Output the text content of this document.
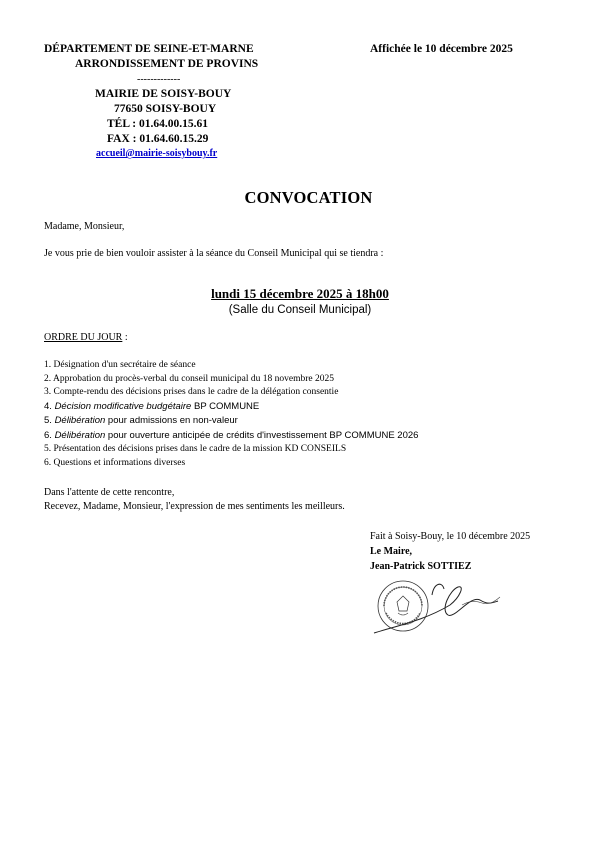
DÉPARTEMENT DE SEINE-ET-MARNE
ARRONDISSEMENT DE PROVINS
-------------
MAIRIE DE SOISY-BOUY
77650 SOISY-BOUY
TÉL : 01.64.00.15.61
FAX : 01.64.60.15.29
accueil@mairie-soisybouy.fr
Affichée le 10 décembre 2025
CONVOCATION
Madame, Monsieur,
Je vous prie de bien vouloir assister à la séance du Conseil Municipal qui se tiendra :
lundi 15 décembre 2025 à 18h00
(Salle du Conseil Municipal)
ORDRE DU JOUR :
1. Désignation d'un secrétaire de séance
2. Approbation du procès-verbal du conseil municipal du 18 novembre 2025
3. Compte-rendu des décisions prises dans le cadre de la délégation consentie
4. Décision modificative budgétaire BP COMMUNE
5. Délibération pour admissions en non-valeur
6. Délibération pour ouverture anticipée de crédits d'investissement BP COMMUNE 2026
5. Présentation des décisions prises dans le cadre de la mission KD CONSEILS
6. Questions et informations diverses
Dans l'attente de cette rencontre,
Recevez, Madame, Monsieur, l'expression de mes sentiments les meilleurs.
Fait à Soisy-Bouy, le 10 décembre 2025
Le Maire,
Jean-Patrick SOTTIEZ
